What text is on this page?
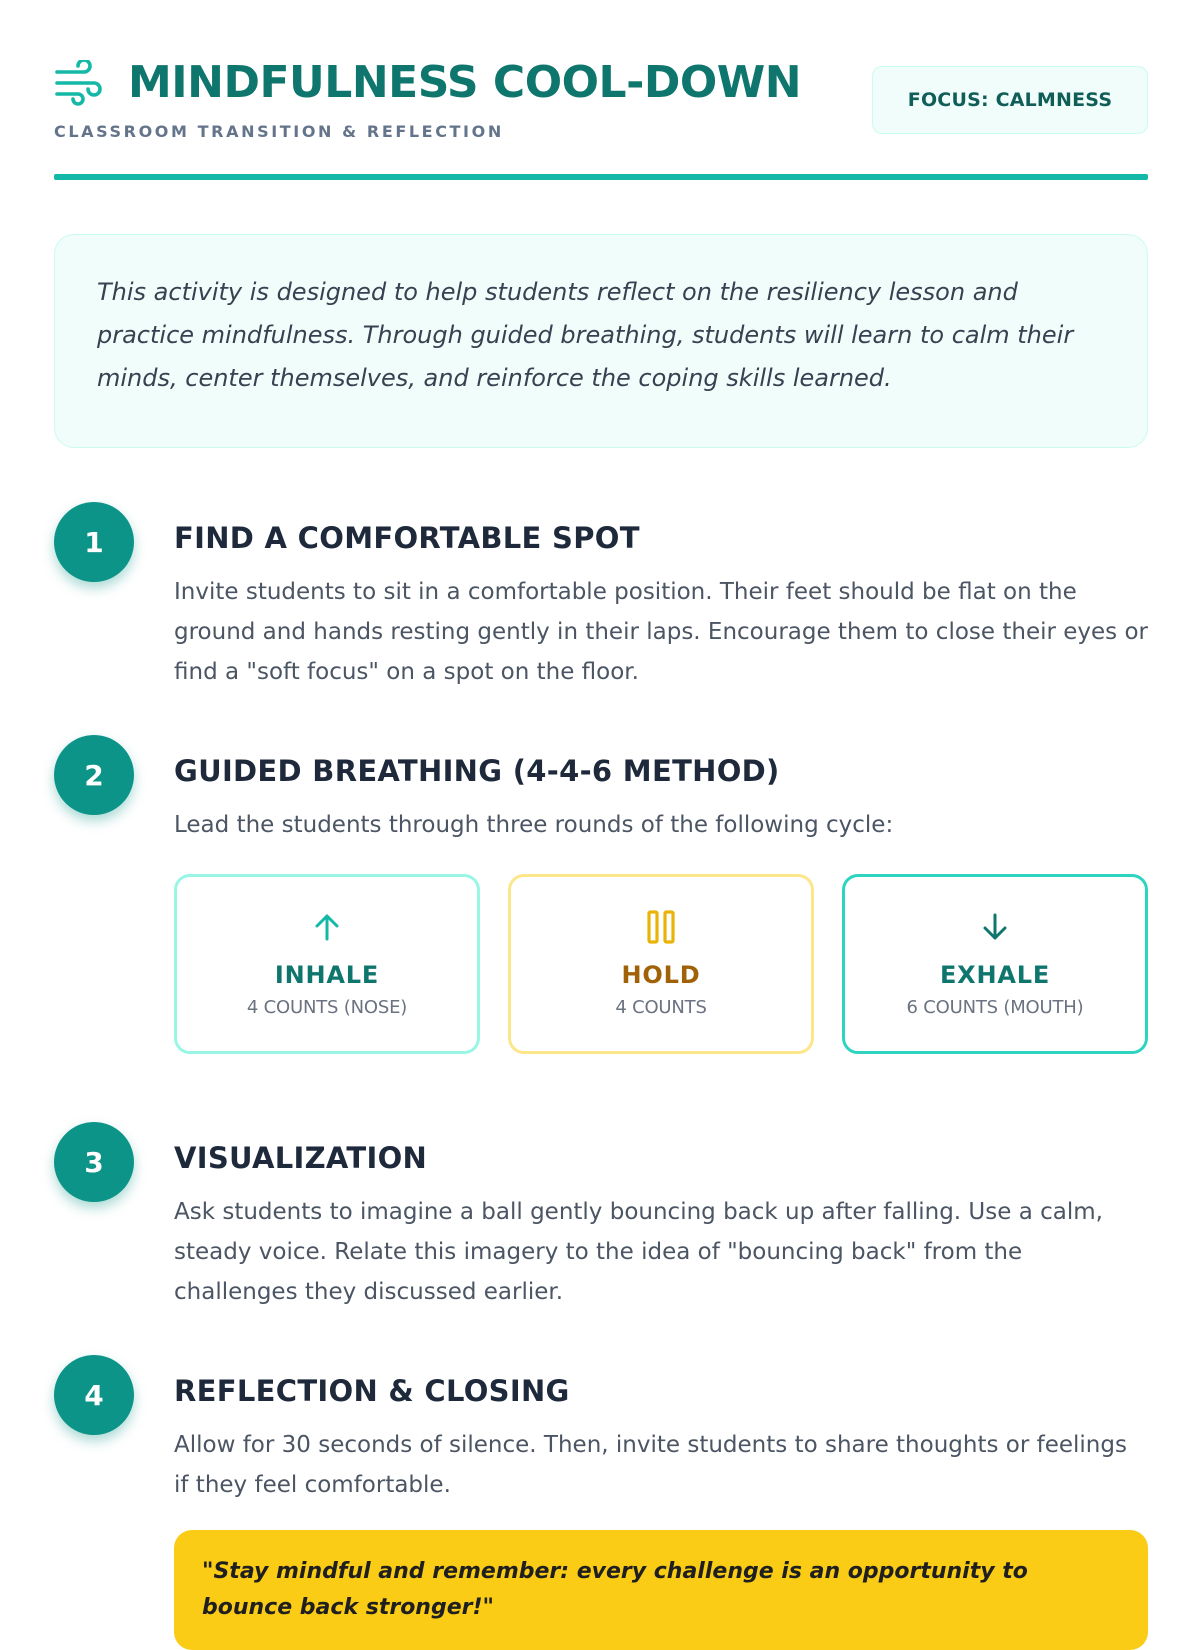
MINDFULNESS COOL-DOWN
CLASSROOM TRANSITION & REFLECTION
FOCUS: CALMNESS
This activity is designed to help students reflect on the resiliency lesson and practice mindfulness. Through guided breathing, students will learn to calm their minds, center themselves, and reinforce the coping skills learned.
1	FIND A COMFORTABLE SPOT
Invite students to sit in a comfortable position. Their feet should be flat on the ground and hands resting gently in their laps. Encourage them to close their eyes or find a "soft focus" on a spot on the floor.
2	GUIDED BREATHING (4-4-6 METHOD)
Lead the students through three rounds of the following cycle:
INHALE
4 COUNTS (NOSE)
HOLD
4 COUNTS
EXHALE
6 COUNTS (MOUTH)
3	VISUALIZATION
Ask students to imagine a ball gently bouncing back up after falling. Use a calm, steady voice. Relate this imagery to the idea of "bouncing back" from the challenges they discussed earlier.
4	REFLECTION & CLOSING
Allow for 30 seconds of silence. Then, invite students to share thoughts or feelings if they feel comfortable.
"Stay mindful and remember: every challenge is an opportunity to bounce back stronger!"
